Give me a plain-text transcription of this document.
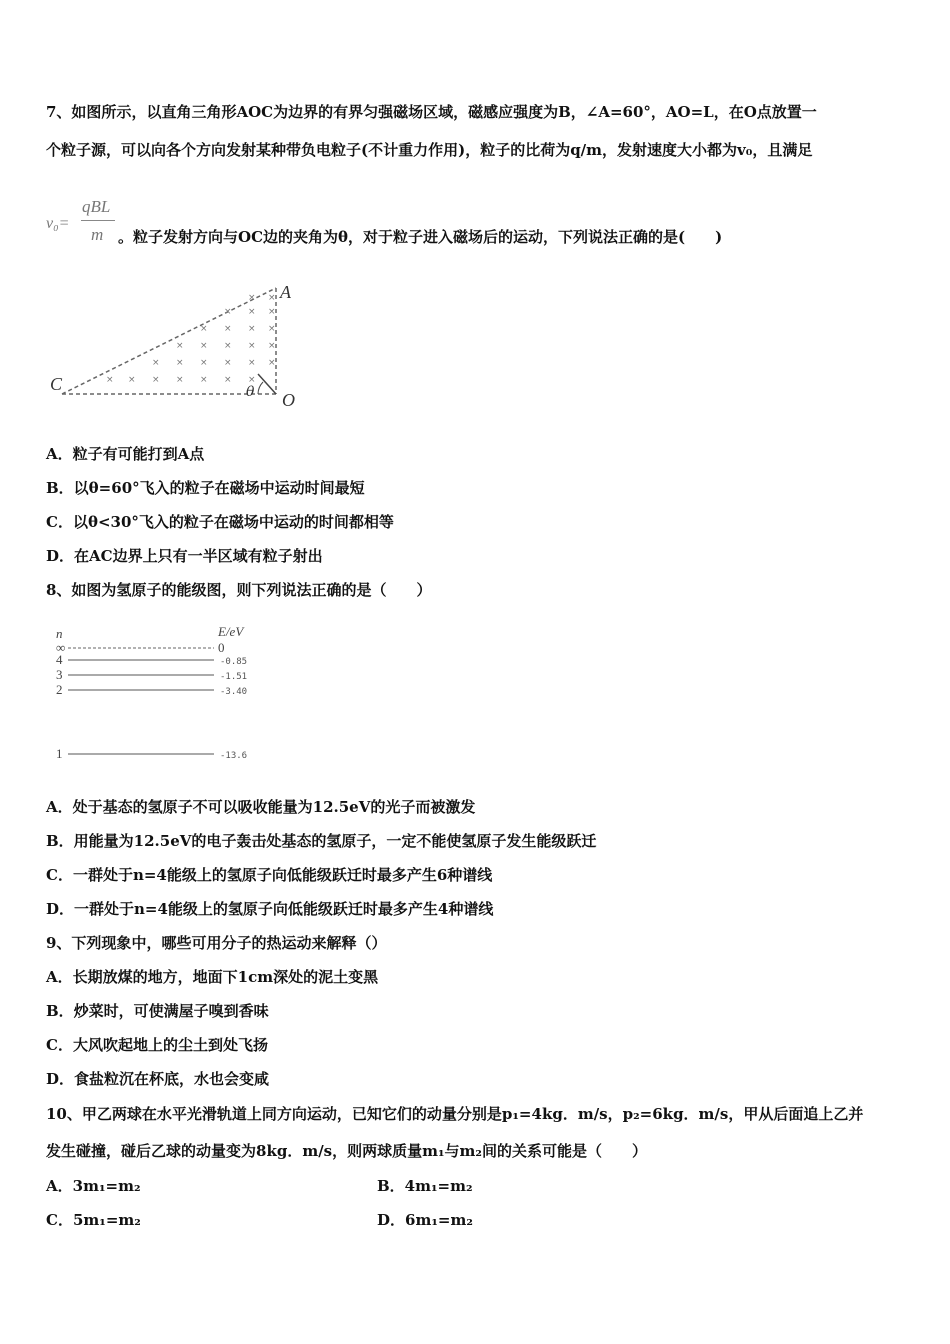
7、如图所示，以直角三角形AOC为边界的有界匀强磁场区域，磁感应强度为B，∠A=60°，AO=L，在O点放置一
个粒子源，可以向各个方向发射某种带负电粒子(不计重力作用)，粒子的比荷为q/m，发射速度大小都为v₀，且满足
v₀=
qBL
m 。粒子发射方向与OC边的夹角为θ，对于粒子进入磁场后的运动，下列说法正确的是(　　)
× × × × × × ×
× × × × × ×
× × × × ×
× × × ×
× × ×
× ×
θ
A
C
O
A．粒子有可能打到A点
B．以θ=60°飞入的粒子在磁场中运动时间最短
C．以θ<30°飞入的粒子在磁场中运动的时间都相等
D．在AC边界上只有一半区域有粒子射出
8、如图为氢原子的能级图，则下列说法正确的是（　　）
n	E/eV
∞	0
4
3
2
1
-0.85
-1.51
-3.40
-13.6
A．处于基态的氢原子不可以吸收能量为12.5eV的光子而被激发
B．用能量为12.5eV的电子轰击处基态的氢原子，一定不能使氢原子发生能级跃迁
C．一群处于n=4能级上的氢原子向低能级跃迁时最多产生6种谱线
D．一群处于n=4能级上的氢原子向低能级跃迁时最多产生4种谱线
9、下列现象中，哪些可用分子的热运动来解释（）
A．长期放煤的地方，地面下1cm深处的泥土变黑
B．炒菜时，可使满屋子嗅到香味
C．大风吹起地上的尘土到处飞扬
D．食盐粒沉在杯底，水也会变咸
10、甲乙两球在水平光滑轨道上同方向运动，已知它们的动量分别是p₁=4kg．m/s，p₂=6kg．m/s，甲从后面追上乙并
发生碰撞，碰后乙球的动量变为8kg．m/s，则两球质量m₁与m₂间的关系可能是（　　）
A．3m₁=m₂	B．4m₁=m₂
C．5m₁=m₂	D．6m₁=m₂
